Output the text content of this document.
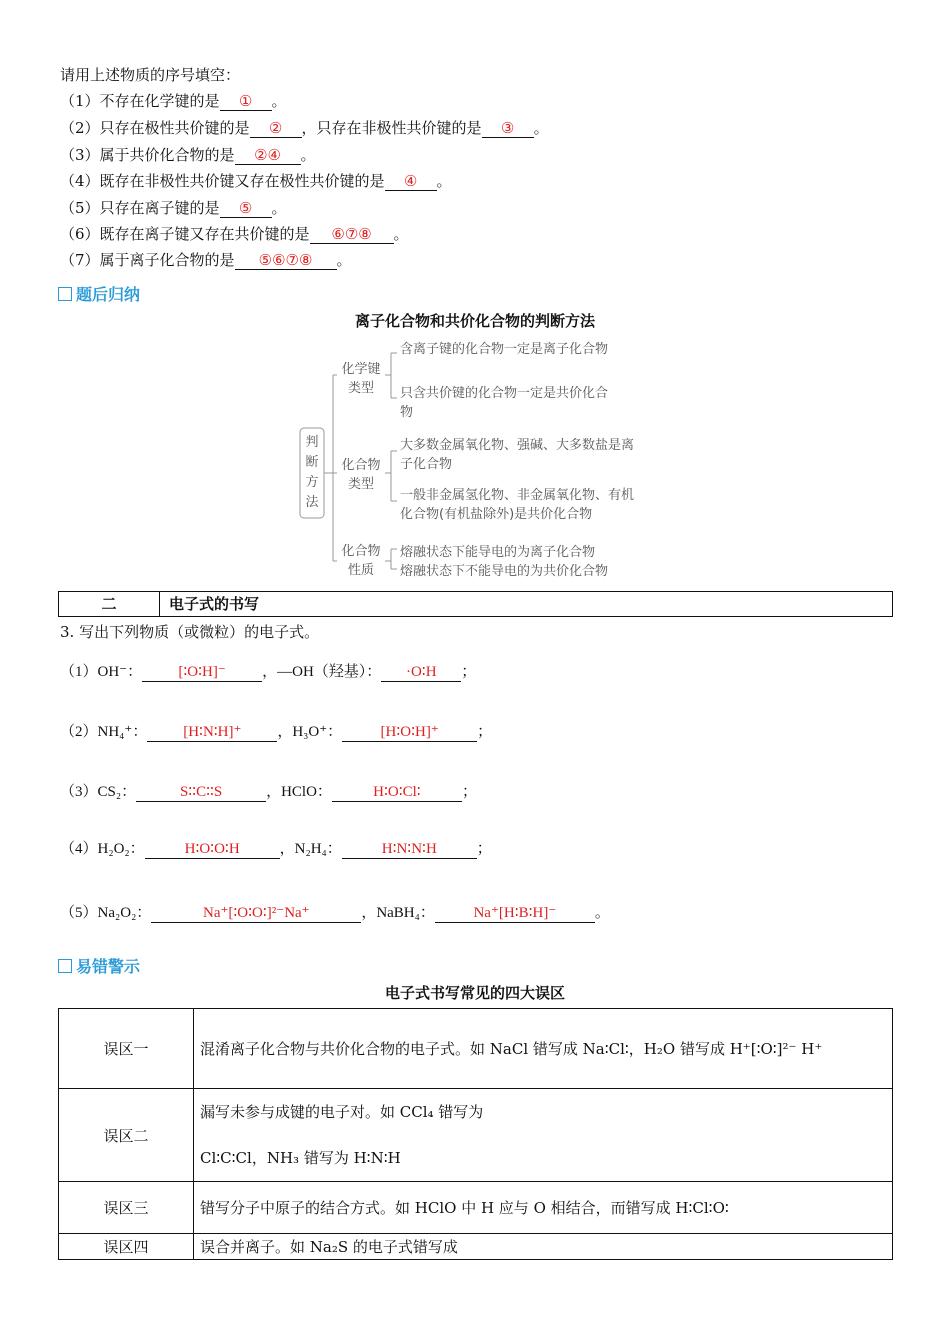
请用上述物质的序号填空：
（1）不存在化学键的是 ① 。
（2）只存在极性共价键的是 ② ，只存在非极性共价键的是 ③ 。
（3）属于共价化合物的是 ②④ 。
（4）既存在非极性共价键又存在极性共价键的是 ④ 。
（5）只存在离子键的是 ⑤ 。
（6）既存在离子键又存在共价键的是 ⑥⑦⑧ 。
（7）属于离子化合物的是 ⑤⑥⑦⑧ 。
题后归纳
离子化合物和共价化合物的判断方法
判断方法
化学键类型
含离子键的化合物一定是离子化合物
只含共价键的化合物一定是共价化合物
化合物类型
大多数金属氧化物、强碱、大多数盐是离子化合物
一般非金属氢化物、非金属氧化物、有机化合物(有机盐除外)是共价化合物
化合物性质
熔融状态下能导电的为离子化合物
熔融状态下不能导电的为共价化合物
二	电子式的书写
3. 写出下列物质（或微粒）的电子式。
（1）OH⁻： [∶O∶H]⁻ ，—OH（羟基）： ·O∶H ；
（2）NH₄⁺： [H∶N∶H]⁺ ，H₃O⁺：	[H∶O∶H]⁺	；
（3）CS₂：	S∶∶C∶∶S	，HClO：	H∶O∶Cl∶	；
（4）H₂O₂：	H∶O∶O∶H	，N₂H₄：	H∶N∶N∶H	；
（5）Na₂O₂：	Na⁺[∶O∶O∶]²⁻Na⁺	，NaBH₄：	Na⁺[H∶B∶H]⁻	。
易错警示
电子式书写常见的四大误区
误区一	混淆离子化合物与共价化合物的电子式。如 NaCl 错写成 Na∶Cl∶，H₂O 错写成 H⁺[∶O∶]²⁻ H⁺
误区二	漏写未参与成键的电子对。如 CCl₄ 错写为
Cl∶C∶Cl，NH₃ 错写为 H∶N∶H

误区三	错写分子中原子的结合方式。如 HClO 中 H 应与 O 相结合，而错写成 H∶Cl∶O∶
误区四	误合并离子。如 Na₂S 的电子式错写成
